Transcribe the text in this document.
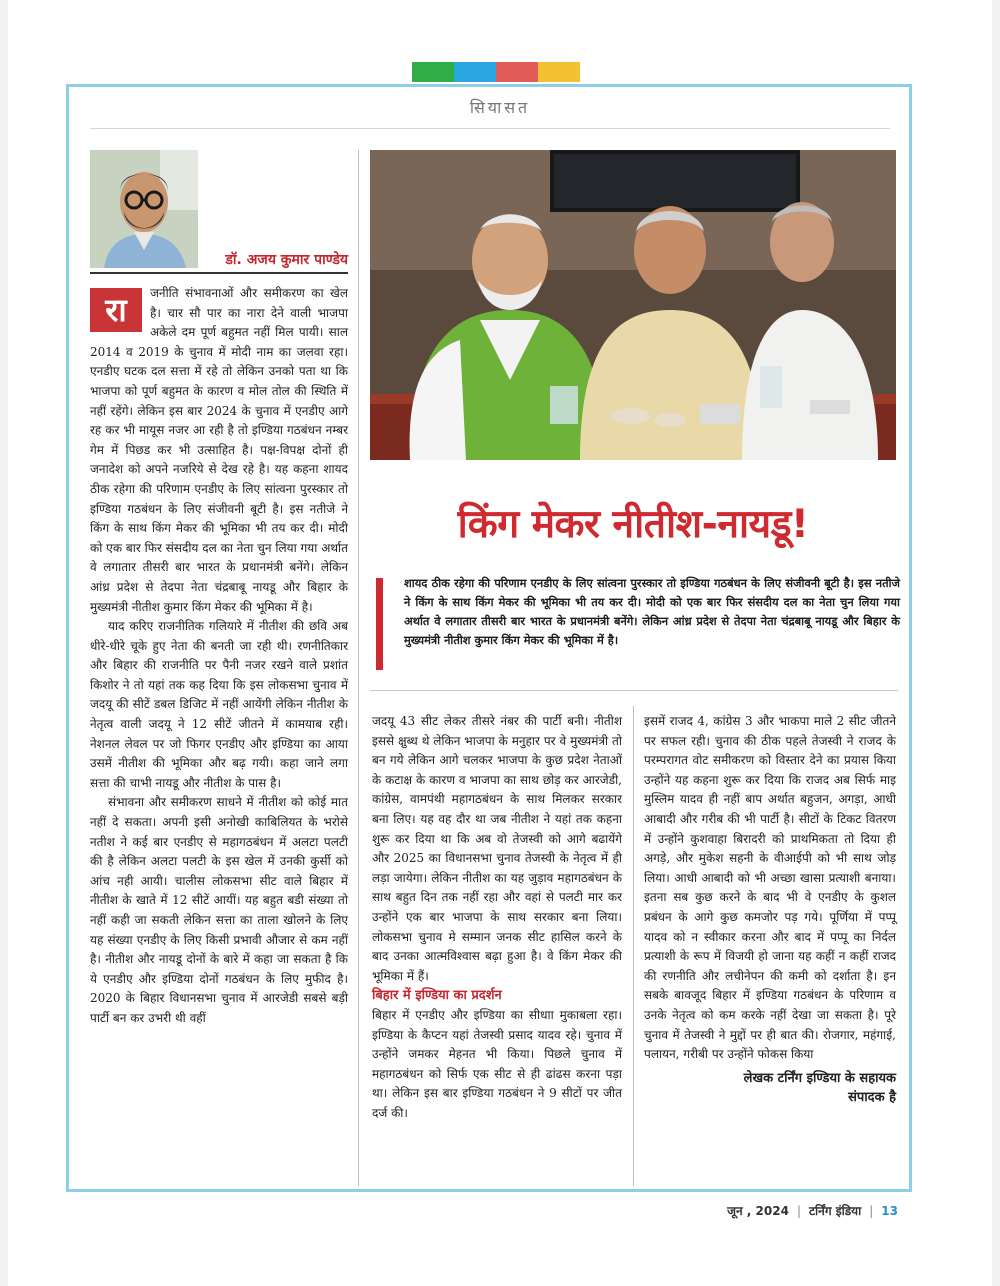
सियासत
डॉ. अजय कुमार पाण्डेय

रा	जनीति संभावनाओं और समीकरण का खेल है। चार सौ पार का नारा देने वाली भाजपा अकेले दम पूर्ण बहुमत नहीं मिल पायी। साल 2014 व 2019 के चुनाव में मोदी नाम का जलवा रहा। एनडीए घटक दल सत्ता में रहे तो लेकिन उनको पता था कि भाजपा को पूर्ण बहुमत के कारण व मोल तोल की स्थिति में नहीं रहेंगे। लेकिन इस बार 2024 के चुनाव में एनडीए आगे रह कर भी मायूस नजर आ रही है तो इण्डिया गठबंधन नम्बर गेम में पिछड कर भी उत्साहित है। पक्ष-विपक्ष दोनों ही जनादेश को अपने नजरिये से देख रहे है। यह कहना शायद ठीक रहेगा की परिणाम एनडीए के लिए सांत्वना पुरस्कार तो इण्डिया गठबंधन के लिए संजीवनी बूटी है। इस नतीजे ने किंग के साथ किंग मेकर की भूमिका भी तय कर दी। मोदी को एक बार फिर संसदीय दल का नेता चुन लिया गया अर्थात वे लगातार तीसरी बार भारत के प्रधानमंत्री बनेंगे। लेकिन आंध्र प्रदेश से तेदपा नेता चंद्रबाबू नायडू और बिहार के मुख्यमंत्री नीतीश कुमार किंग मेकर की भूमिका में है।

याद करिए राजनीतिक गलियारे में नीतीश की छवि अब धीरे-धीरे चूके हुए नेता की बनती जा रही थी। रणनीतिकार और बिहार की राजनीति पर पैनी नजर रखने वाले प्रशांत किशोर ने तो यहां तक कह दिया कि इस लोकसभा चुनाव में जदयू की सीटें डबल डिजिट में नहीं आयेंगी लेकिन नीतीश के नेतृत्व वाली जदयू ने 12 सीटें जीतने में कामयाब रही। नेशनल लेवल पर जो फिगर एनडीए और इण्डिया का आया उसमें नीतीश की भूमिका और बढ़ गयी। कहा जाने लगा सत्ता की चाभी नायडू और नीतीश के पास है।

संभावना और समीकरण साधने में नीतीश को कोई मात नहीं दे सकता। अपनी इसी अनोखी काबिलियत के भरोसे नतीश ने कई बार एनडीए से महागठबंधन में अलटा पलटी की है लेकिन अलटा पलटी के इस खेल में उनकी कुर्सी को आंच नही आयी। चालीस लोकसभा सीट वाले बिहार में नीतीश के खाते में 12 सीटें आयीं। यह बहुत बडी संख्या तो नहीं कही जा सकती लेकिन सत्ता का ताला खोलने के लिए यह संख्या एनडीए के लिए किसी प्रभावी औजार से कम नहीं है। नीतीश और नायडू दोनों के बारे में कहा जा सकता है कि ये एनडीए और इण्डिया दोनों गठबंधन के लिए मुफीद है। 2020 के बिहार विधानसभा चुनाव में आरजेडी सबसे बड़ी पार्टी बन कर उभरी थी वहीं

किंग मेकर नीतीश-नायडू!

शायद ठीक रहेगा की परिणाम एनडीए के लिए सांत्वना पुरस्कार तो इण्डिया गठबंधन के लिए संजीवनी बूटी है। इस नतीजे ने किंग के साथ किंग मेकर की भूमिका भी तय कर दी। मोदी को एक बार फिर संसदीय दल का नेता चुन लिया गया अर्थात वे लगातार तीसरी बार भारत के प्रधानमंत्री बनेंगे। लेकिन आंध्र प्रदेश से तेदपा नेता चंद्रबाबू नायडू और बिहार के मुख्यमंत्री नीतीश कुमार किंग मेकर की भूमिका में है।

जदयू 43 सीट लेकर तीसरे नंबर की पार्टी बनी। नीतीश इससे क्षुब्ध थे लेकिन भाजपा के मनुहार पर वे मुख्यमंत्री तो बन गये लेकिन आगे चलकर भाजपा के कुछ प्रदेश नेताओं के कटाक्ष के कारण व भाजपा का साथ छोड़ कर आरजेडी, कांग्रेस, वामपंथी महागठबंधन के साथ मिलकर सरकार बना लिए। यह वह दौर था जब नीतीश ने यहां तक कहना शुरू कर दिया था कि अब वो तेजस्वी को आगे बढायेंगे और 2025 का विधानसभा चुनाव तेजस्वी के नेतृत्व में ही लड़ा जायेगा। लेकिन नीतीश का यह जुड़ाव महागठबंधन के साथ बहुत दिन तक नहीं रहा और वहां से पलटी मार कर उन्होंने एक बार भाजपा के साथ सरकार बना लिया। लोकसभा चुनाव मे सम्मान जनक सीट हासिल करने के बाद उनका आत्मविश्वास बढ़ा हुआ है। वे किंग मेकर की भूमिका में हैं।

बिहार में इण्डिया का प्रदर्शन

बिहार में एनडीए और इण्डिया का सीधाा मुकाबला रहा। इण्डिया के कैप्टन यहां तेजस्वी प्रसाद यादव रहे। चुनाव में उन्होंने जमकर मेहनत भी किया। पिछले चुनाव में महागठबंधन को सिर्फ एक सीट से ही ढांढस करना पड़ा था। लेकिन इस बार इण्डिया गठबंधन ने 9 सीटों पर जीत दर्ज की।

इसमें राजद 4, कांग्रेस 3 और भाकपा माले 2 सीट जीतने पर सफल रही। चुनाव की ठीक पहले तेजस्वी ने राजद के परम्परागत वोट समीकरण को विस्तार देने का प्रयास किया उन्होंने यह कहना शुरू कर दिया कि राजद अब सिर्फ माइ मुस्लिम यादव ही नहीं बाप अर्थात बहुजन, अगड़ा, आधी आबादी और गरीब की भी पार्टी है। सीटों के टिकट वितरण में उन्होंने कुशवाहा बिरादरी को प्राथमिकता तो दिया ही अगड़े, और मुकेश सहनी के वीआईपी को भी साथ जोड़ लिया। आधी आबादी को भी अच्छा खासा प्रत्याशी बनाया। इतना सब कुछ करने के बाद भी वे एनडीए के कुशल प्रबंधन के आगे कुछ कमजोर पड़ गये। पूर्णिया में पप्पू यादव को न स्वीकार करना और बाद में पप्पू का निर्दल प्रत्याशी के रूप में विजयी हो जाना यह कहीं न कहीं राजद की रणनीति और लचीनेपन की कमी को दर्शाता है। इन सबके बावजूद बिहार में इण्डिया गठबंधन के परिणाम व उनके नेतृत्व को कम करके नहीं देखा जा सकता है। पूरे चुनाव में तेजस्वी ने मुद्दों पर ही बात की। रोजगार, महंगाई, पलायन, गरीबी पर उन्होंने फोकस किया

लेखक टर्निंग इण्डिया के सहायक
संपादक है
जून , 2024 | टर्निंग इंडिया | 13
